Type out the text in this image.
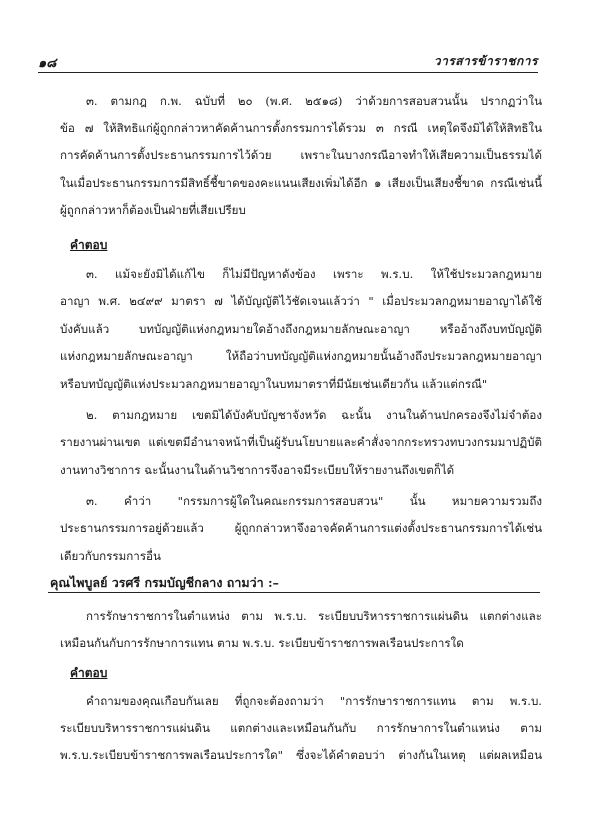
๑๘	วารสารข้าราชการ
๓. ตามกฎ ก.พ. ฉบับที่ ๒๐ (พ.ศ. ๒๕๑๘) ว่าด้วยการสอบสวนนั้น ปรากฏว่าใน
ข้อ ๗ ให้สิทธิแก่ผู้ถูกกล่าวหาคัดค้านการตั้งกรรมการได้รวม ๓ กรณี เหตุใดจึงมิได้ให้สิทธิใน
การคัดค้านการตั้งประธานกรรมการไว้ด้วย เพราะในบางกรณีอาจทำให้เสียความเป็นธรรมได้
ในเมื่อประธานกรรมการมีสิทธิ์ชี้ขาดของคะแนนเสียงเพิ่มได้อีก ๑ เสียงเป็นเสียงชี้ขาด กรณีเช่นนี้
ผู้ถูกกล่าวหาก็ต้องเป็นฝ่ายที่เสียเปรียบ
คำตอบ
๓. แม้จะยังมิได้แก้ไข ก็ไม่มีปัญหาดังข้อง เพราะ พ.ร.บ. ให้ใช้ประมวลกฎหมาย
อาญา พ.ศ. ๒๔๙๙ มาตรา ๗ ได้บัญญัติไว้ชัดเจนแล้วว่า " เมื่อประมวลกฎหมายอาญาได้ใช้
บังคับแล้ว บทบัญญัติแห่งกฎหมายใดอ้างถึงกฎหมายลักษณะอาญา หรืออ้างถึงบทบัญญัติ
แห่งกฎหมายลักษณะอาญา ให้ถือว่าบทบัญญัติแห่งกฎหมายนั้นอ้างถึงประมวลกฎหมายอาญา
หรือบทบัญญัติแห่งประมวลกฎหมายอาญาในบทมาตราที่มีนัยเช่นเดียวกัน แล้วแต่กรณี"
๒. ตามกฎหมาย เขตมิได้บังคับบัญชาจังหวัด ฉะนั้น งานในด้านปกครองจึงไม่จำต้อง
รายงานผ่านเขต แต่เขตมีอำนาจหน้าที่เป็นผู้รับนโยบายและคำสั่งจากกระทรวงทบวงกรมมาปฏิบัติ
งานทางวิชาการ ฉะนั้นงานในด้านวิชาการจึงอาจมีระเบียบให้รายงานถึงเขตก็ได้
๓. คำว่า "กรรมการผู้ใดในคณะกรรมการสอบสวน" นั้น หมายความรวมถึง
ประธานกรรมการอยู่ด้วยแล้ว ผู้ถูกกล่าวหาจึงอาจคัดค้านการแต่งตั้งประธานกรรมการได้เช่น
เดียวกับกรรมการอื่น
คุณไพบูลย์ วรศรี กรมบัญชีกลาง ถามว่า :–
การรักษาราชการในตำแหน่ง ตาม พ.ร.บ. ระเบียบบริหารราชการแผ่นดิน แตกต่างและ
เหมือนกันกับการรักษาการแทน ตาม พ.ร.บ. ระเบียบข้าราชการพลเรือนประการใด
คำตอบ
คำถามของคุณเกือบกันเลย ที่ถูกจะต้องถามว่า "การรักษาราชการแทน ตาม พ.ร.บ.
ระเบียบบริหารราชการแผ่นดิน แตกต่างและเหมือนกันกับ การรักษาการในตำแหน่ง ตาม
พ.ร.บ.ระเบียบข้าราชการพลเรือนประการใด" ซึ่งจะได้คำตอบว่า ต่างกันในเหตุ แต่ผลเหมือน
